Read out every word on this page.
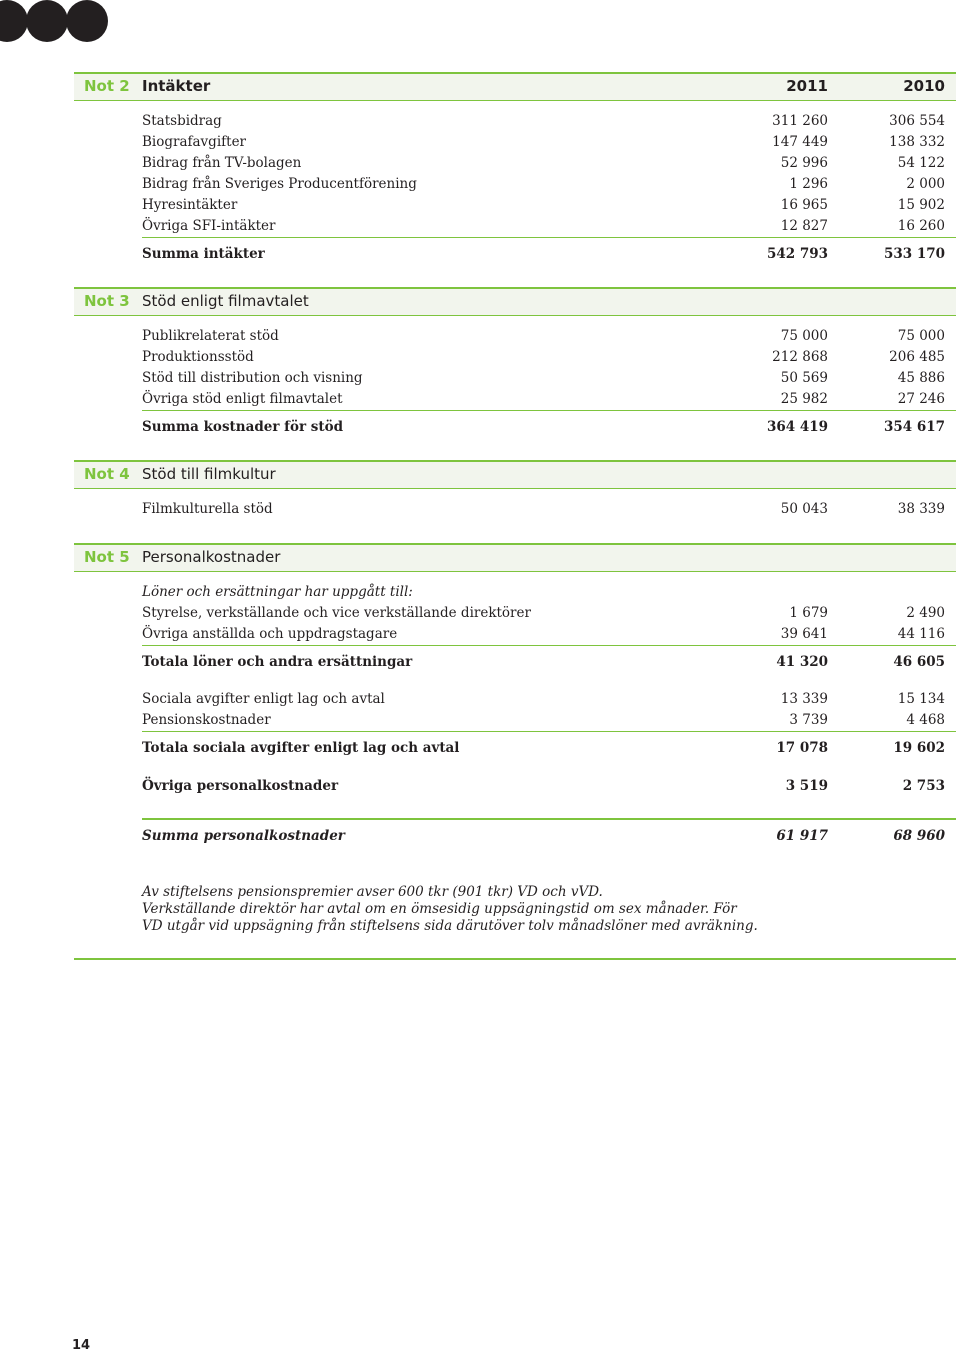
Not 2 Intäkter	2011	2010
Statsbidrag	311 260	306 554
Biografavgifter	147 449	138 332
Bidrag från TV-bolagen	52 996	54 122
Bidrag från Sveriges Producentförening	1 296	2 000
Hyresintäkter	16 965	15 902
Övriga SFI-intäkter	12 827	16 260
Summa intäkter	542 793	533 170
Not 3 Stöd enligt filmavtalet
Publikrelaterat stöd	75 000	75 000
Produktionsstöd	212 868	206 485
Stöd till distribution och visning	50 569	45 886
Övriga stöd enligt filmavtalet	25 982	27 246
Summa kostnader för stöd	364 419	354 617
Not 4 Stöd till filmkultur
Filmkulturella stöd	50 043	38 339
Not 5 Personalkostnader
Löner och ersättningar har uppgått till:
Styrelse, verkställande och vice verkställande direktörer	1 679	2 490
Övriga anställda och uppdragstagare	39 641	44 116
Totala löner och andra ersättningar	41 320	46 605
Sociala avgifter enligt lag och avtal	13 339	15 134
Pensionskostnader	3 739	4 468
Totala sociala avgifter enligt lag och avtal	17 078	19 602
Övriga personalkostnader	3 519	2 753
Summa personalkostnader	61 917	68 960
Av stiftelsens pensionspremier avser 600 tkr (901 tkr) VD och vVD.
Verkställande direktör har avtal om en ömsesidig uppsägningstid om sex månader. För
VD utgår vid uppsägning från stiftelsens sida därutöver tolv månadslöner med avräkning.
14
